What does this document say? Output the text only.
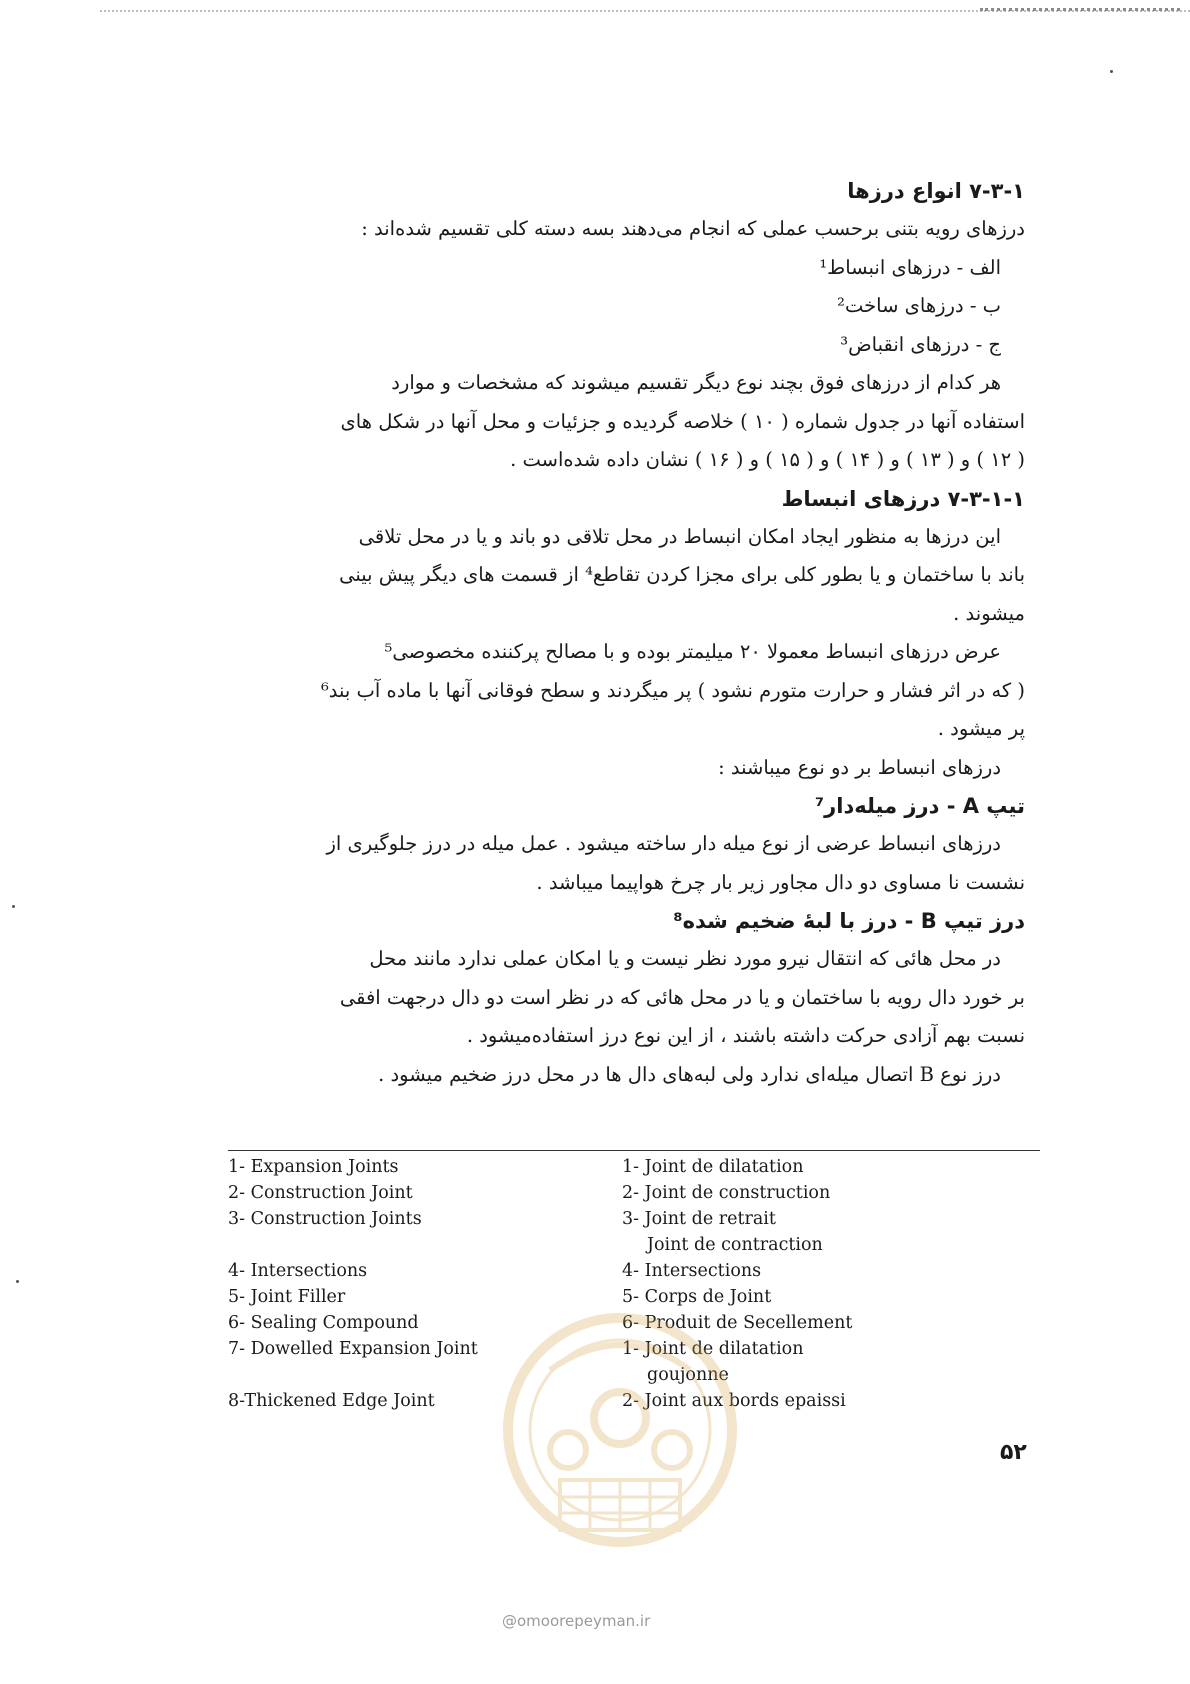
۷-۳-۱ انواع درزها

درزهای رویه بتنی برحسب عملی که انجام می‌دهند بسه دسته کلی تقسیم شده‌اند :

الف - درزهای انبساط¹

ب - درزهای ساخت²

ج - درزهای انقباض³

هر کدام از درزهای فوق بچند نوع دیگر تقسیم میشوند که مشخصات و موارد

استفاده آنها در جدول شماره ( ۱۰ ) خلاصه گردیده و جزئیات و محل آنها در شکل های

( ۱۲ ) و ( ۱۳ ) و ( ۱۴ ) و ( ۱۵ ) و ( ۱۶ ) نشان داده شده‌است .

۷-۳-۱-۱ درزهای انبساط

این درزها به منظور ایجاد امکان انبساط در محل تلاقی دو باند و یا در محل تلاقی

باند با ساختمان و یا بطور کلی برای مجزا کردن تقاطع⁴ از قسمت های دیگر پیش بینی

میشوند .

عرض درزهای انبساط معمولا ۲۰ میلیمتر بوده و با مصالح پرکننده مخصوصی⁵

( که در اثر فشار و حرارت متورم نشود ) پر میگردند و سطح فوقانی آنها با ماده آب بند⁶

پر میشود .

درزهای انبساط بر دو نوع میباشند :

تیپ A - درز میله‌دار⁷

درزهای انبساط عرضی از نوع میله دار ساخته میشود . عمل میله در درز جلوگیری از

نشست نا مساوی دو دال مجاور زیر بار چرخ هواپیما میباشد .

درز تیپ B - درز با لبهٔ ضخیم شده⁸

در محل هائی که انتقال نیرو مورد نظر نیست و یا امکان عملی ندارد مانند محل

بر خورد دال رویه با ساختمان و یا در محل هائی که در نظر است دو دال درجهت افقی

نسبت بهم آزادی حرکت داشته باشند ، از این نوع درز استفاده‌میشود .

درز نوع B اتصال میله‌ای ندارد ولی لبه‌های دال ها در محل درز ضخیم میشود .

1- Expansion Joints

2- Construction Joint

3- Construction Joints

4- Intersections

5- Joint Filler

6- Sealing Compound

7- Dowelled Expansion Joint

8-Thickened Edge Joint

1- Joint de dilatation

2- Joint de construction

3- Joint de retrait

Joint de contraction

4- Intersections

5- Corps de Joint

6- Produit de Secellement

1- Joint de dilatation

goujonne

2- Joint aux bords epaissi

۵۲
@omoorepeyman.ir
